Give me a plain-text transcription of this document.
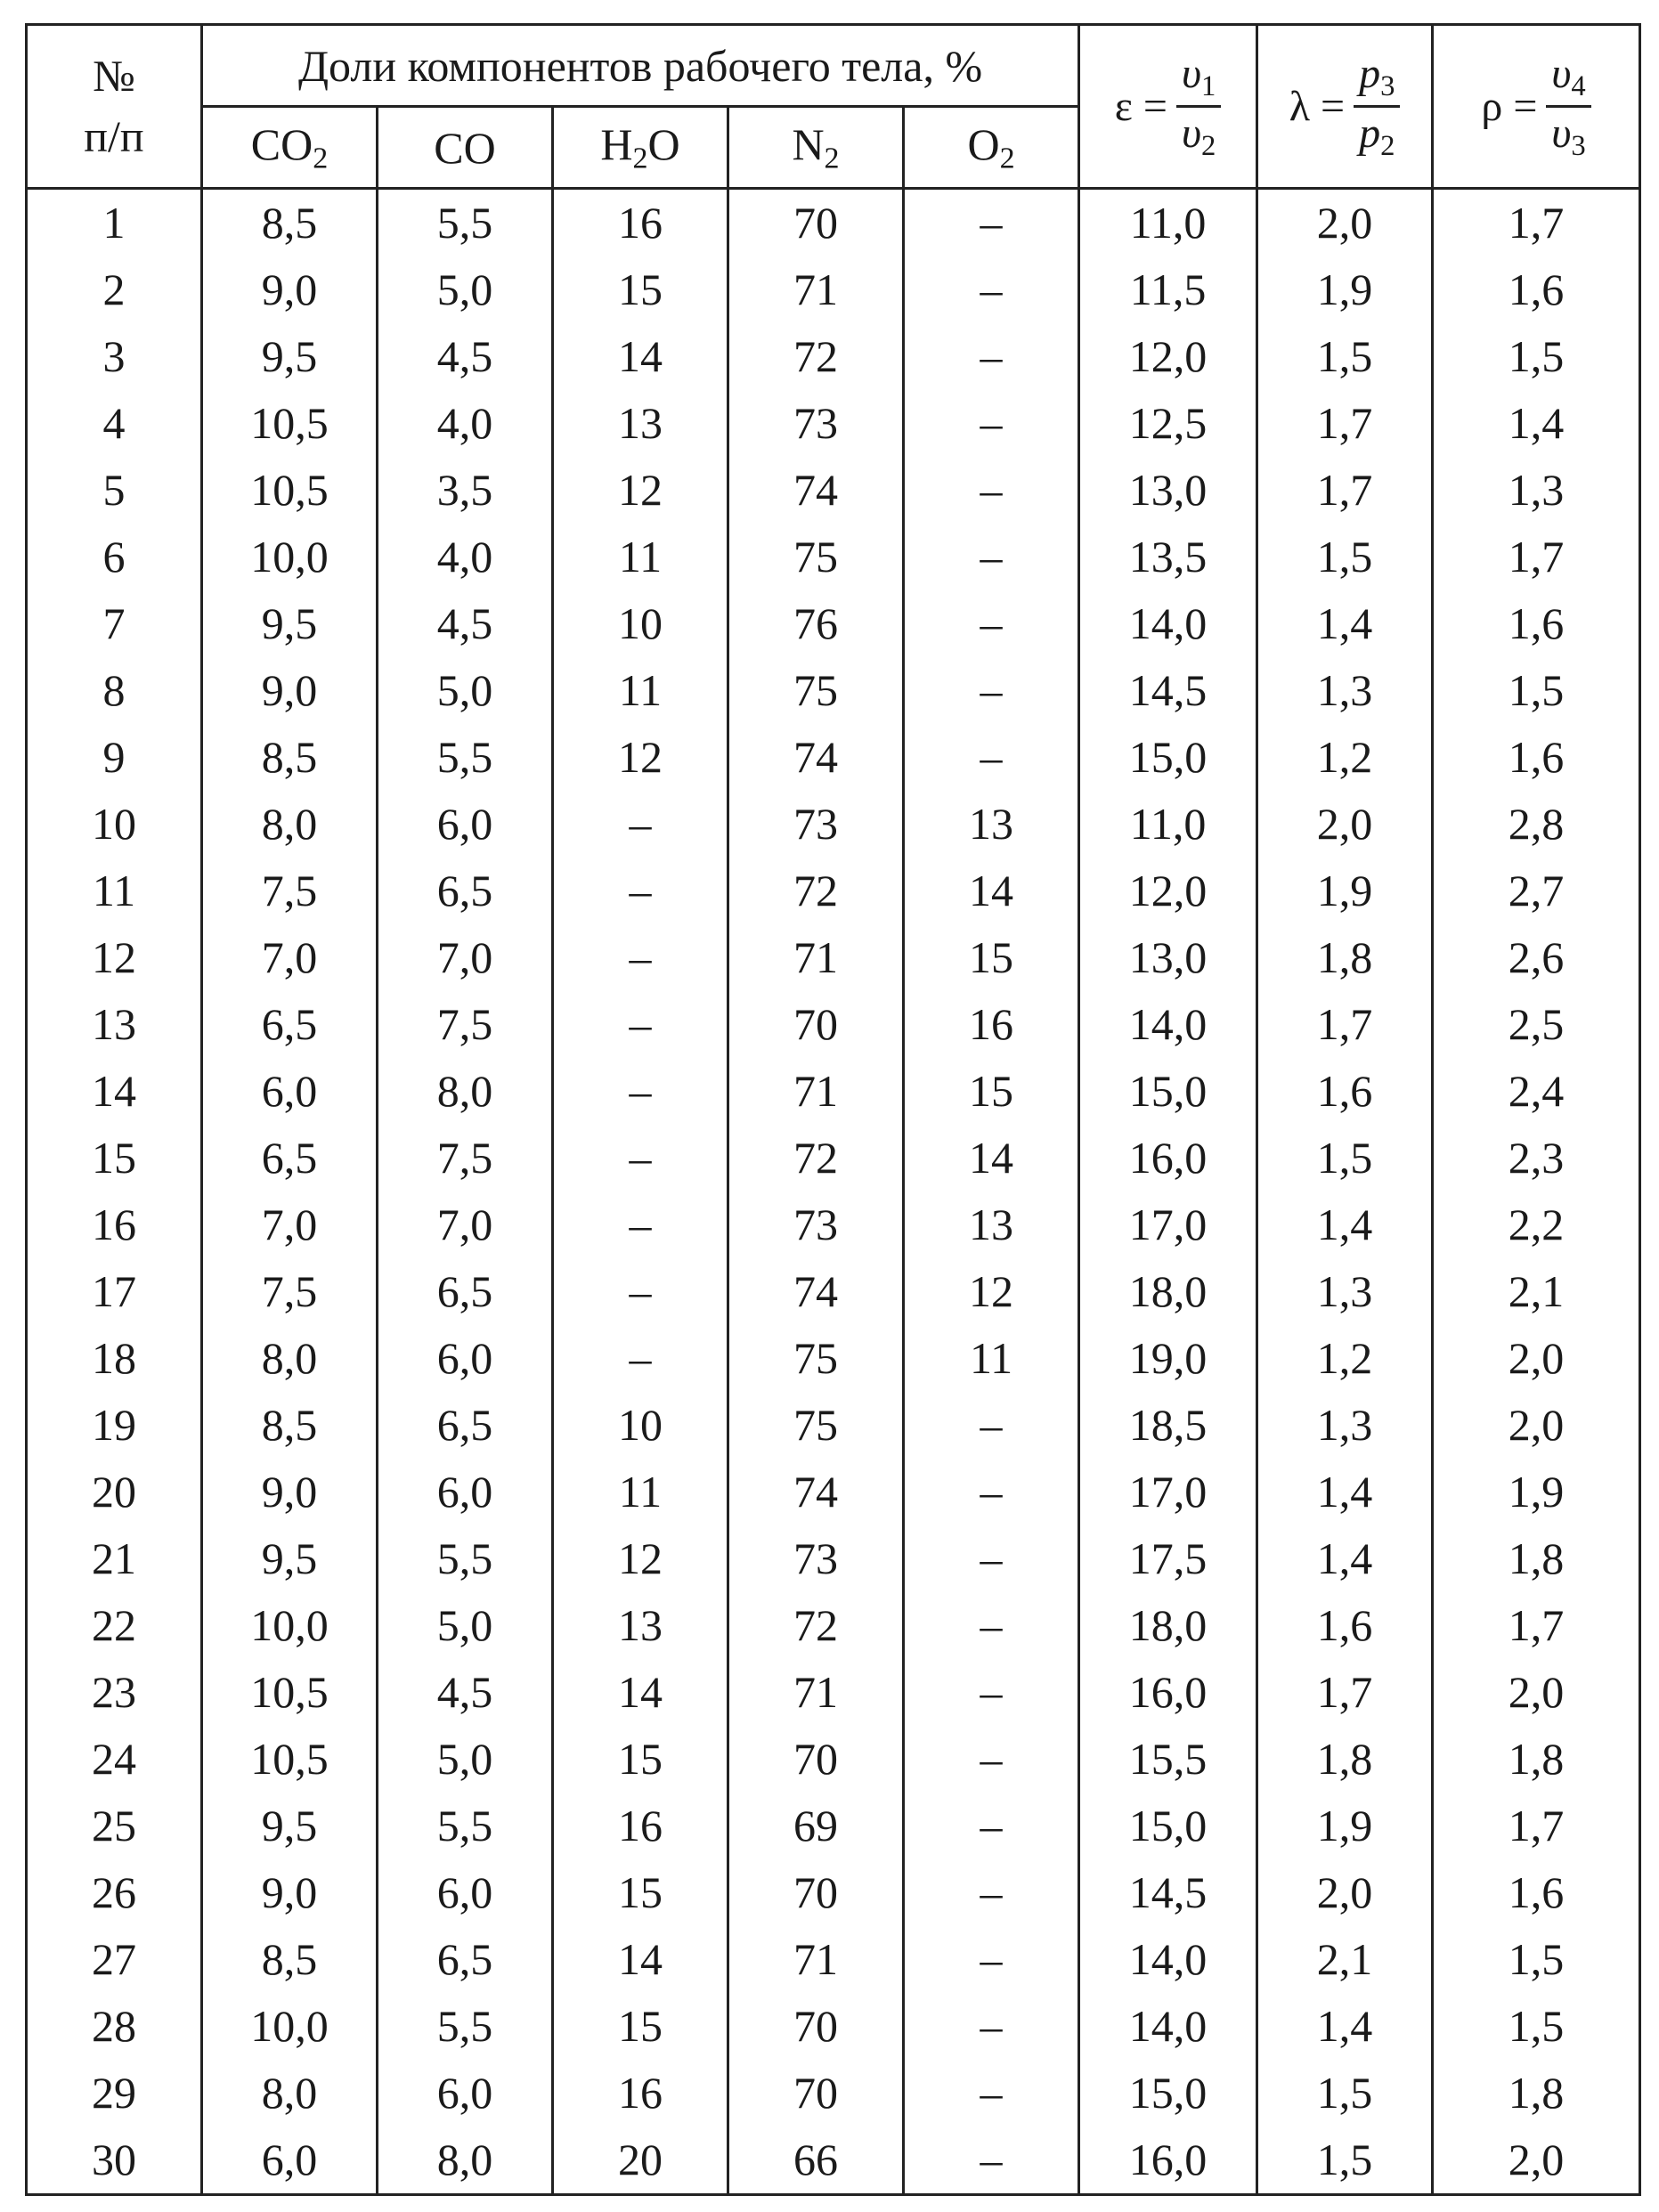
№
п/п	Доли компонентов рабочего тела, %					$\varepsilon = \frac{\upsilon_1}{\upsilon_2}$	$\lambda = \frac{p_3}{p_2}$	$\rho = \frac{\upsilon_4}{\upsilon_3}$

	$CO_2$	CO	$H_2O$	$N_2$	$O_2$
1	8,5	5,5	16	70	–	11,0	2,0	1,7
2	9,0	5,0	15	71	–	11,5	1,9	1,6
3	9,5	4,5	14	72	–	12,0	1,5	1,5
4	10,5	4,0	13	73	–	12,5	1,7	1,4
5	10,5	3,5	12	74	–	13,0	1,7	1,3
6	10,0	4,0	11	75	–	13,5	1,5	1,7
7	9,5	4,5	10	76	–	14,0	1,4	1,6
8	9,0	5,0	11	75	–	14,5	1,3	1,5
9	8,5	5,5	12	74	–	15,0	1,2	1,6
10	8,0	6,0	–	73	13	11,0	2,0	2,8
11	7,5	6,5	–	72	14	12,0	1,9	2,7
12	7,0	7,0	–	71	15	13,0	1,8	2,6
13	6,5	7,5	–	70	16	14,0	1,7	2,5
14	6,0	8,0	–	71	15	15,0	1,6	2,4
15	6,5	7,5	–	72	14	16,0	1,5	2,3
16	7,0	7,0	–	73	13	17,0	1,4	2,2
17	7,5	6,5	–	74	12	18,0	1,3	2,1
18	8,0	6,0	–	75	11	19,0	1,2	2,0
19	8,5	6,5	10	75	–	18,5	1,3	2,0
20	9,0	6,0	11	74	–	17,0	1,4	1,9
21	9,5	5,5	12	73	–	17,5	1,4	1,8
22	10,0	5,0	13	72	–	18,0	1,6	1,7
23	10,5	4,5	14	71	–	16,0	1,7	2,0
24	10,5	5,0	15	70	–	15,5	1,8	1,8
25	9,5	5,5	16	69	–	15,0	1,9	1,7
26	9,0	6,0	15	70	–	14,5	2,0	1,6
27	8,5	6,5	14	71	–	14,0	2,1	1,5
28	10,0	5,5	15	70	–	14,0	1,4	1,5
29	8,0	6,0	16	70	–	15,0	1,5	1,8
30	6,0	8,0	20	66	–	16,0	1,5	2,0
